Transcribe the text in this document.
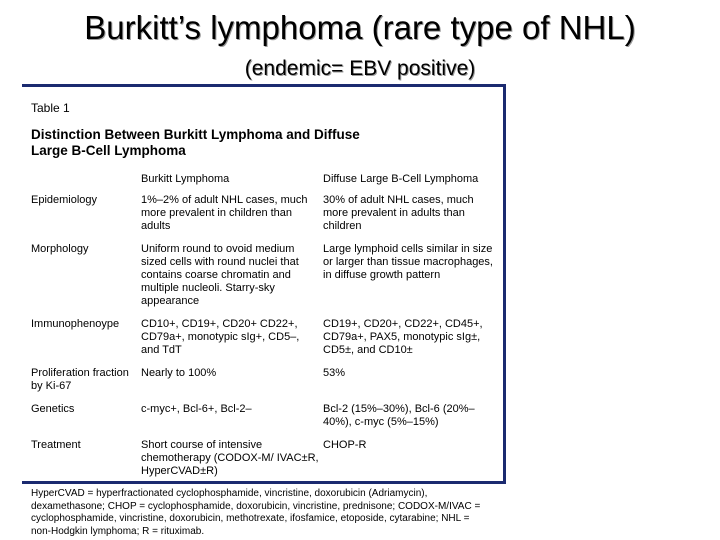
Burkitt’s lymphoma (rare type of NHL)
(endemic= EBV positive)
Table 1
Distinction Between Burkitt Lymphoma and Diffuse Large B-Cell Lymphoma
	Burkitt Lymphoma	Diffuse Large B-Cell Lymphoma
Epidemiology	1%–2% of adult NHL cases, much more prevalent in children than adults	30% of adult NHL cases, much more prevalent in adults than children
Morphology	Uniform round to ovoid medium sized cells with round nuclei that contains coarse chromatin and multiple nucleoli. Starry-sky appearance	Large lymphoid cells similar in size or larger than tissue macrophages, in diffuse growth pattern
Immunophenoype	CD10+, CD19+, CD20+ CD22+, CD79a+, monotypic sIg+, CD5–, and TdT	CD19+, CD20+, CD22+, CD45+, CD79a+, PAX5, monotypic sIg±, CD5±, and CD10±
Proliferation fraction by Ki-67	Nearly to 100%	53%
Genetics	c-myc+, Bcl-6+, Bcl-2–	Bcl-2 (15%–30%), Bcl-6 (20%–40%), c-myc (5%–15%)
Treatment	Short course of intensive chemotherapy (CODOX-M/ IVAC±R, HyperCVAD±R)	CHOP-R
HyperCVAD = hyperfractionated cyclophosphamide, vincristine, doxorubicin (Adriamycin), dexamethasone; CHOP = cyclophosphamide, doxorubicin, vincristine, prednisone; CODOX-M/IVAC = cyclophosphamide, vincristine, doxorubicin, methotrexate, ifosfamice, etoposide, cytarabine; NHL = non-Hodgkin lymphoma; R = rituximab.
